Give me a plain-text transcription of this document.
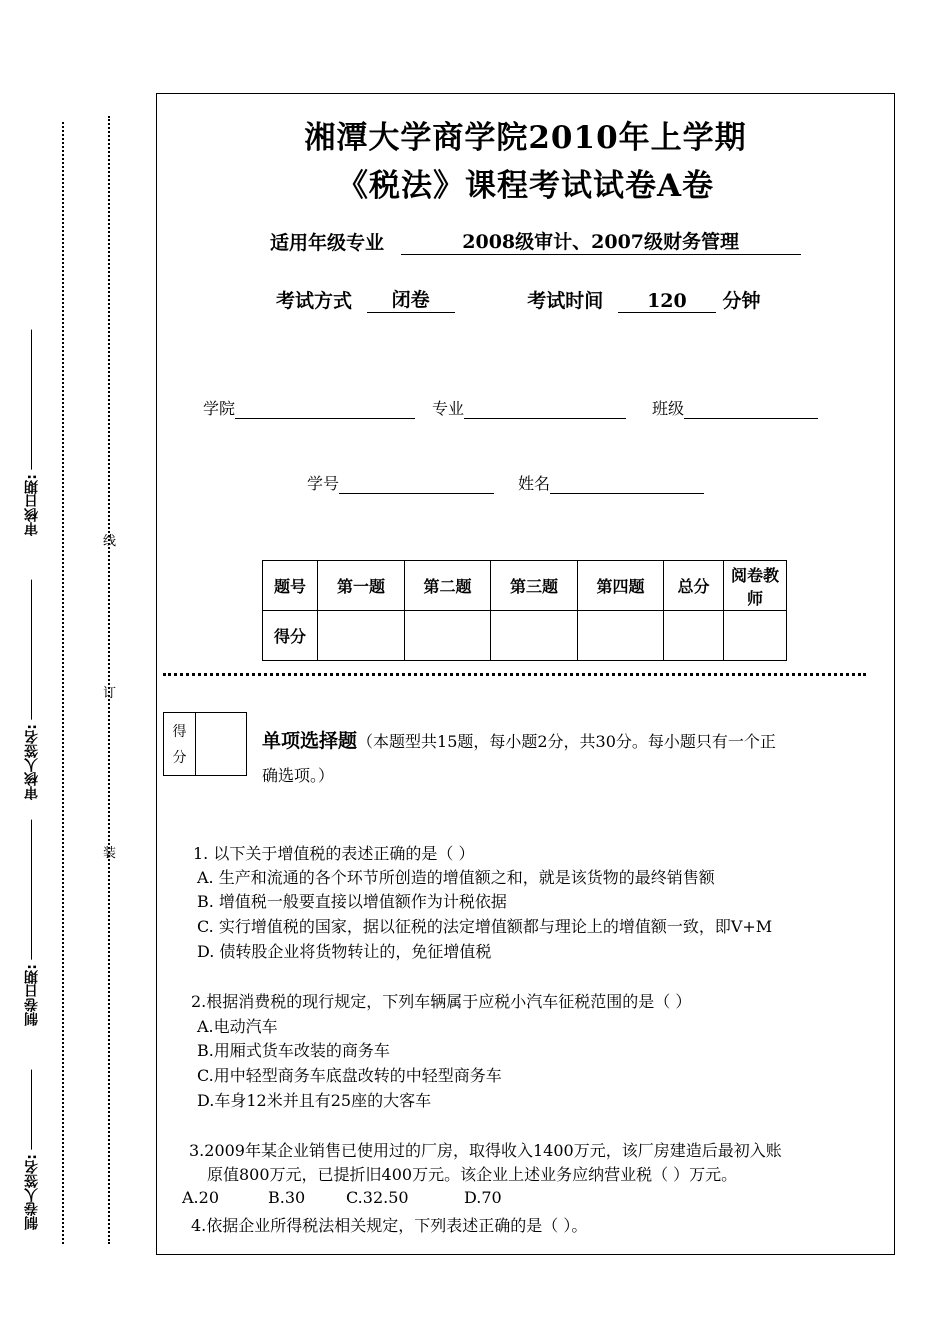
审核日期:
审核人签名:
制卷日期:
制卷人签名:
线
订
装
湘潭大学商学院2010年上学期
《税法》课程考试试卷A卷
适用年级专业	2008级审计、2007级财务管理
考试方式 闭卷	考试时间 120 分钟
学院	专业	班级
学号	姓名
题号	第一题	第二题	第三题	第四题	总分	阅卷教师
得分						
得
分
单项选择题（本题型共15题，每小题2分，共30分。每小题只有一个正
确选项。）
1. 以下关于增值税的表述正确的是（ ）
A. 生产和流通的各个环节所创造的增值额之和，就是该货物的最终销售额
B. 增值税一般要直接以增值额作为计税依据
C. 实行增值税的国家，据以征税的法定增值额都与理论上的增值额一致，即V+M
D. 债转股企业将货物转让的，免征增值税
2.根据消费税的现行规定，下列车辆属于应税小汽车征税范围的是（ ）
A.电动汽车
B.用厢式货车改装的商务车
C.用中轻型商务车底盘改转的中轻型商务车
D.车身12米并且有25座的大客车
3.2009年某企业销售已使用过的厂房，取得收入1400万元，该厂房建造后最初入账
原值800万元，已提折旧400万元。该企业上述业务应纳营业税（ ）万元。
A.20	B.30	C.32.50	D.70
4.依据企业所得税法相关规定，下列表述正确的是（ ）。
